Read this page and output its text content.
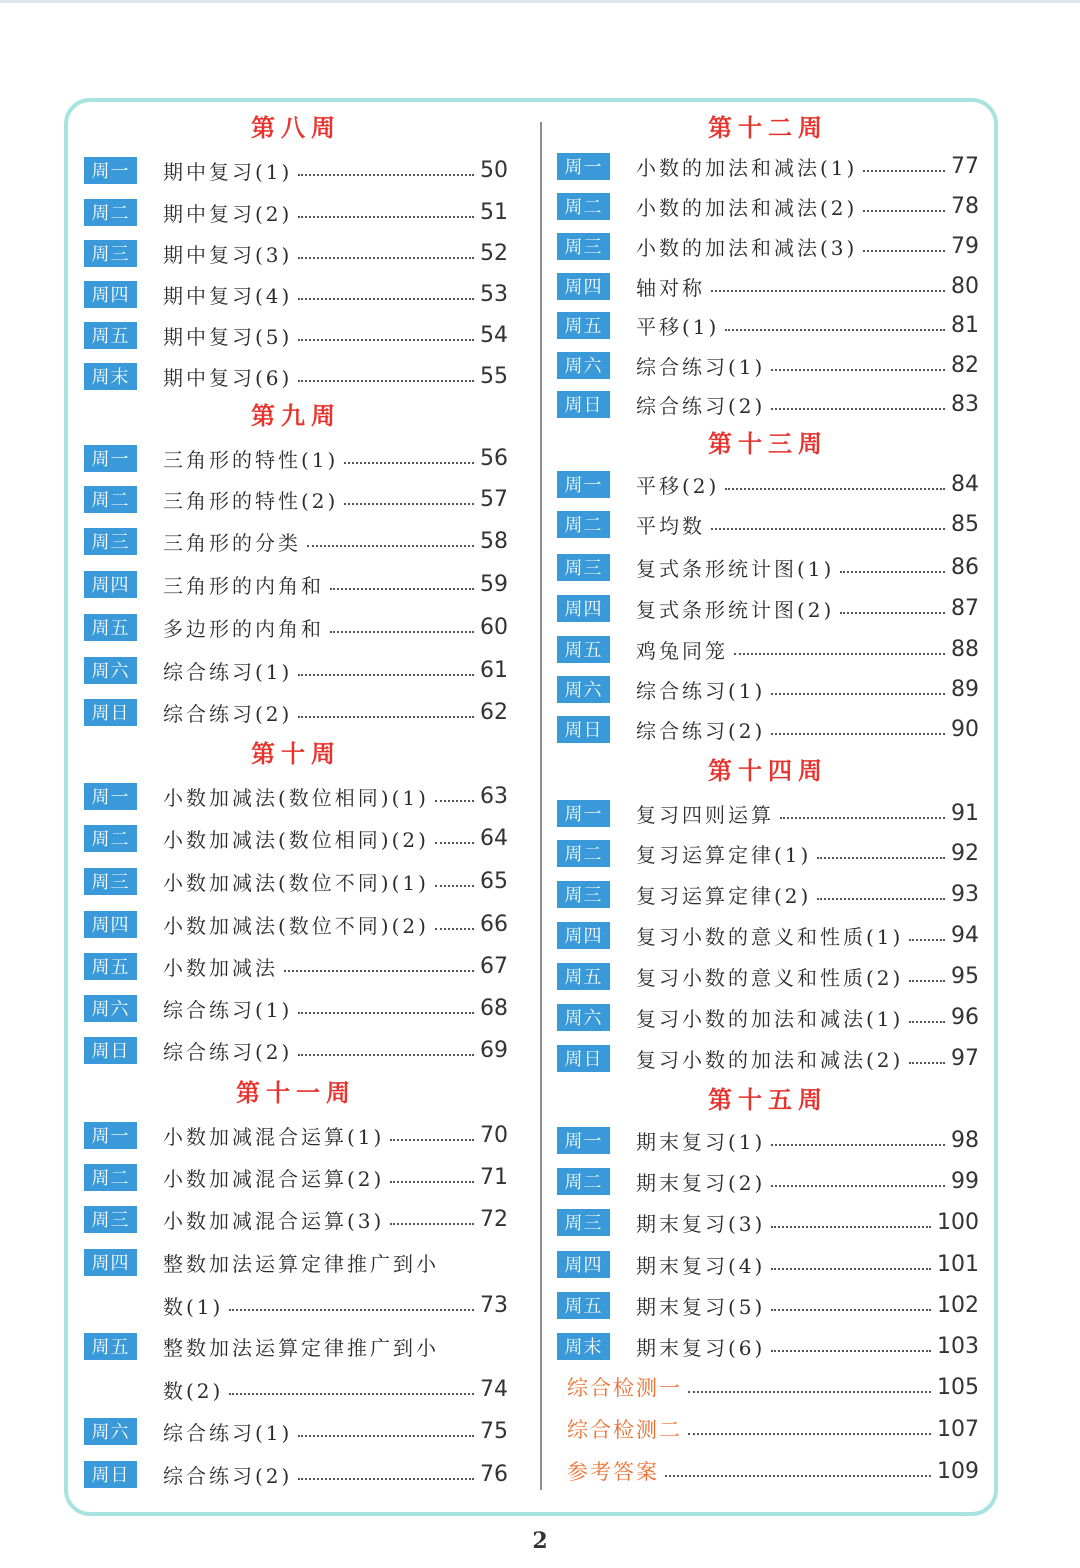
第八周
周一	期中复习(1)	50
周二	期中复习(2)	51
周三	期中复习(3)	52
周四	期中复习(4)	53
周五	期中复习(5)	54
周末	期中复习(6)	55
第九周
周一	三角形的特性(1)	56
周二	三角形的特性(2)	57
周三	三角形的分类	58
周四	三角形的内角和	59
周五	多边形的内角和	60
周六	综合练习(1)	61
周日	综合练习(2)	62
第十周
周一	小数加减法(数位相同)(1) 63
周二	小数加减法(数位相同)(2) 64
周三	小数加减法(数位不同)(1) 65
周四	小数加减法(数位不同)(2) 66
周五	小数加减法	67
周六	综合练习(1)	68
周日	综合练习(2)	69
第十一周
周一	小数加减混合运算(1)	70
周二	小数加减混合运算(2)	71
周三	小数加减混合运算(3)	72
周四	整数加法运算定律推广到小
数(1)	73
周五	整数加法运算定律推广到小
数(2)	74
周六	综合练习(1)	75
周日	综合练习(2)	76
第十二周
周一	小数的加法和减法(1)	77
周二	小数的加法和减法(2)	78
周三	小数的加法和减法(3)	79
周四	轴对称	80
周五	平移(1)	81
周六	综合练习(1)	82
周日	综合练习(2)	83
第十三周
周一	平移(2)	84
周二	平均数	85
周三	复式条形统计图(1)	86
周四	复式条形统计图(2)	87
周五	鸡兔同笼	88
周六	综合练习(1)	89
周日	综合练习(2)	90
第十四周
周一	复习四则运算	91
周二	复习运算定律(1)	92
周三	复习运算定律(2)	93
周四	复习小数的意义和性质(1) 94
周五	复习小数的意义和性质(2) 95
周六	复习小数的加法和减法(1) 96
周日	复习小数的加法和减法(2) 97
第十五周
周一	期末复习(1)	98
周二	期末复习(2)	99
周三	期末复习(3)	100
周四	期末复习(4)	101
周五	期末复习(5)	102
周末	期末复习(6)	103
综合检测一	105
综合检测二	107
参考答案	109
2
